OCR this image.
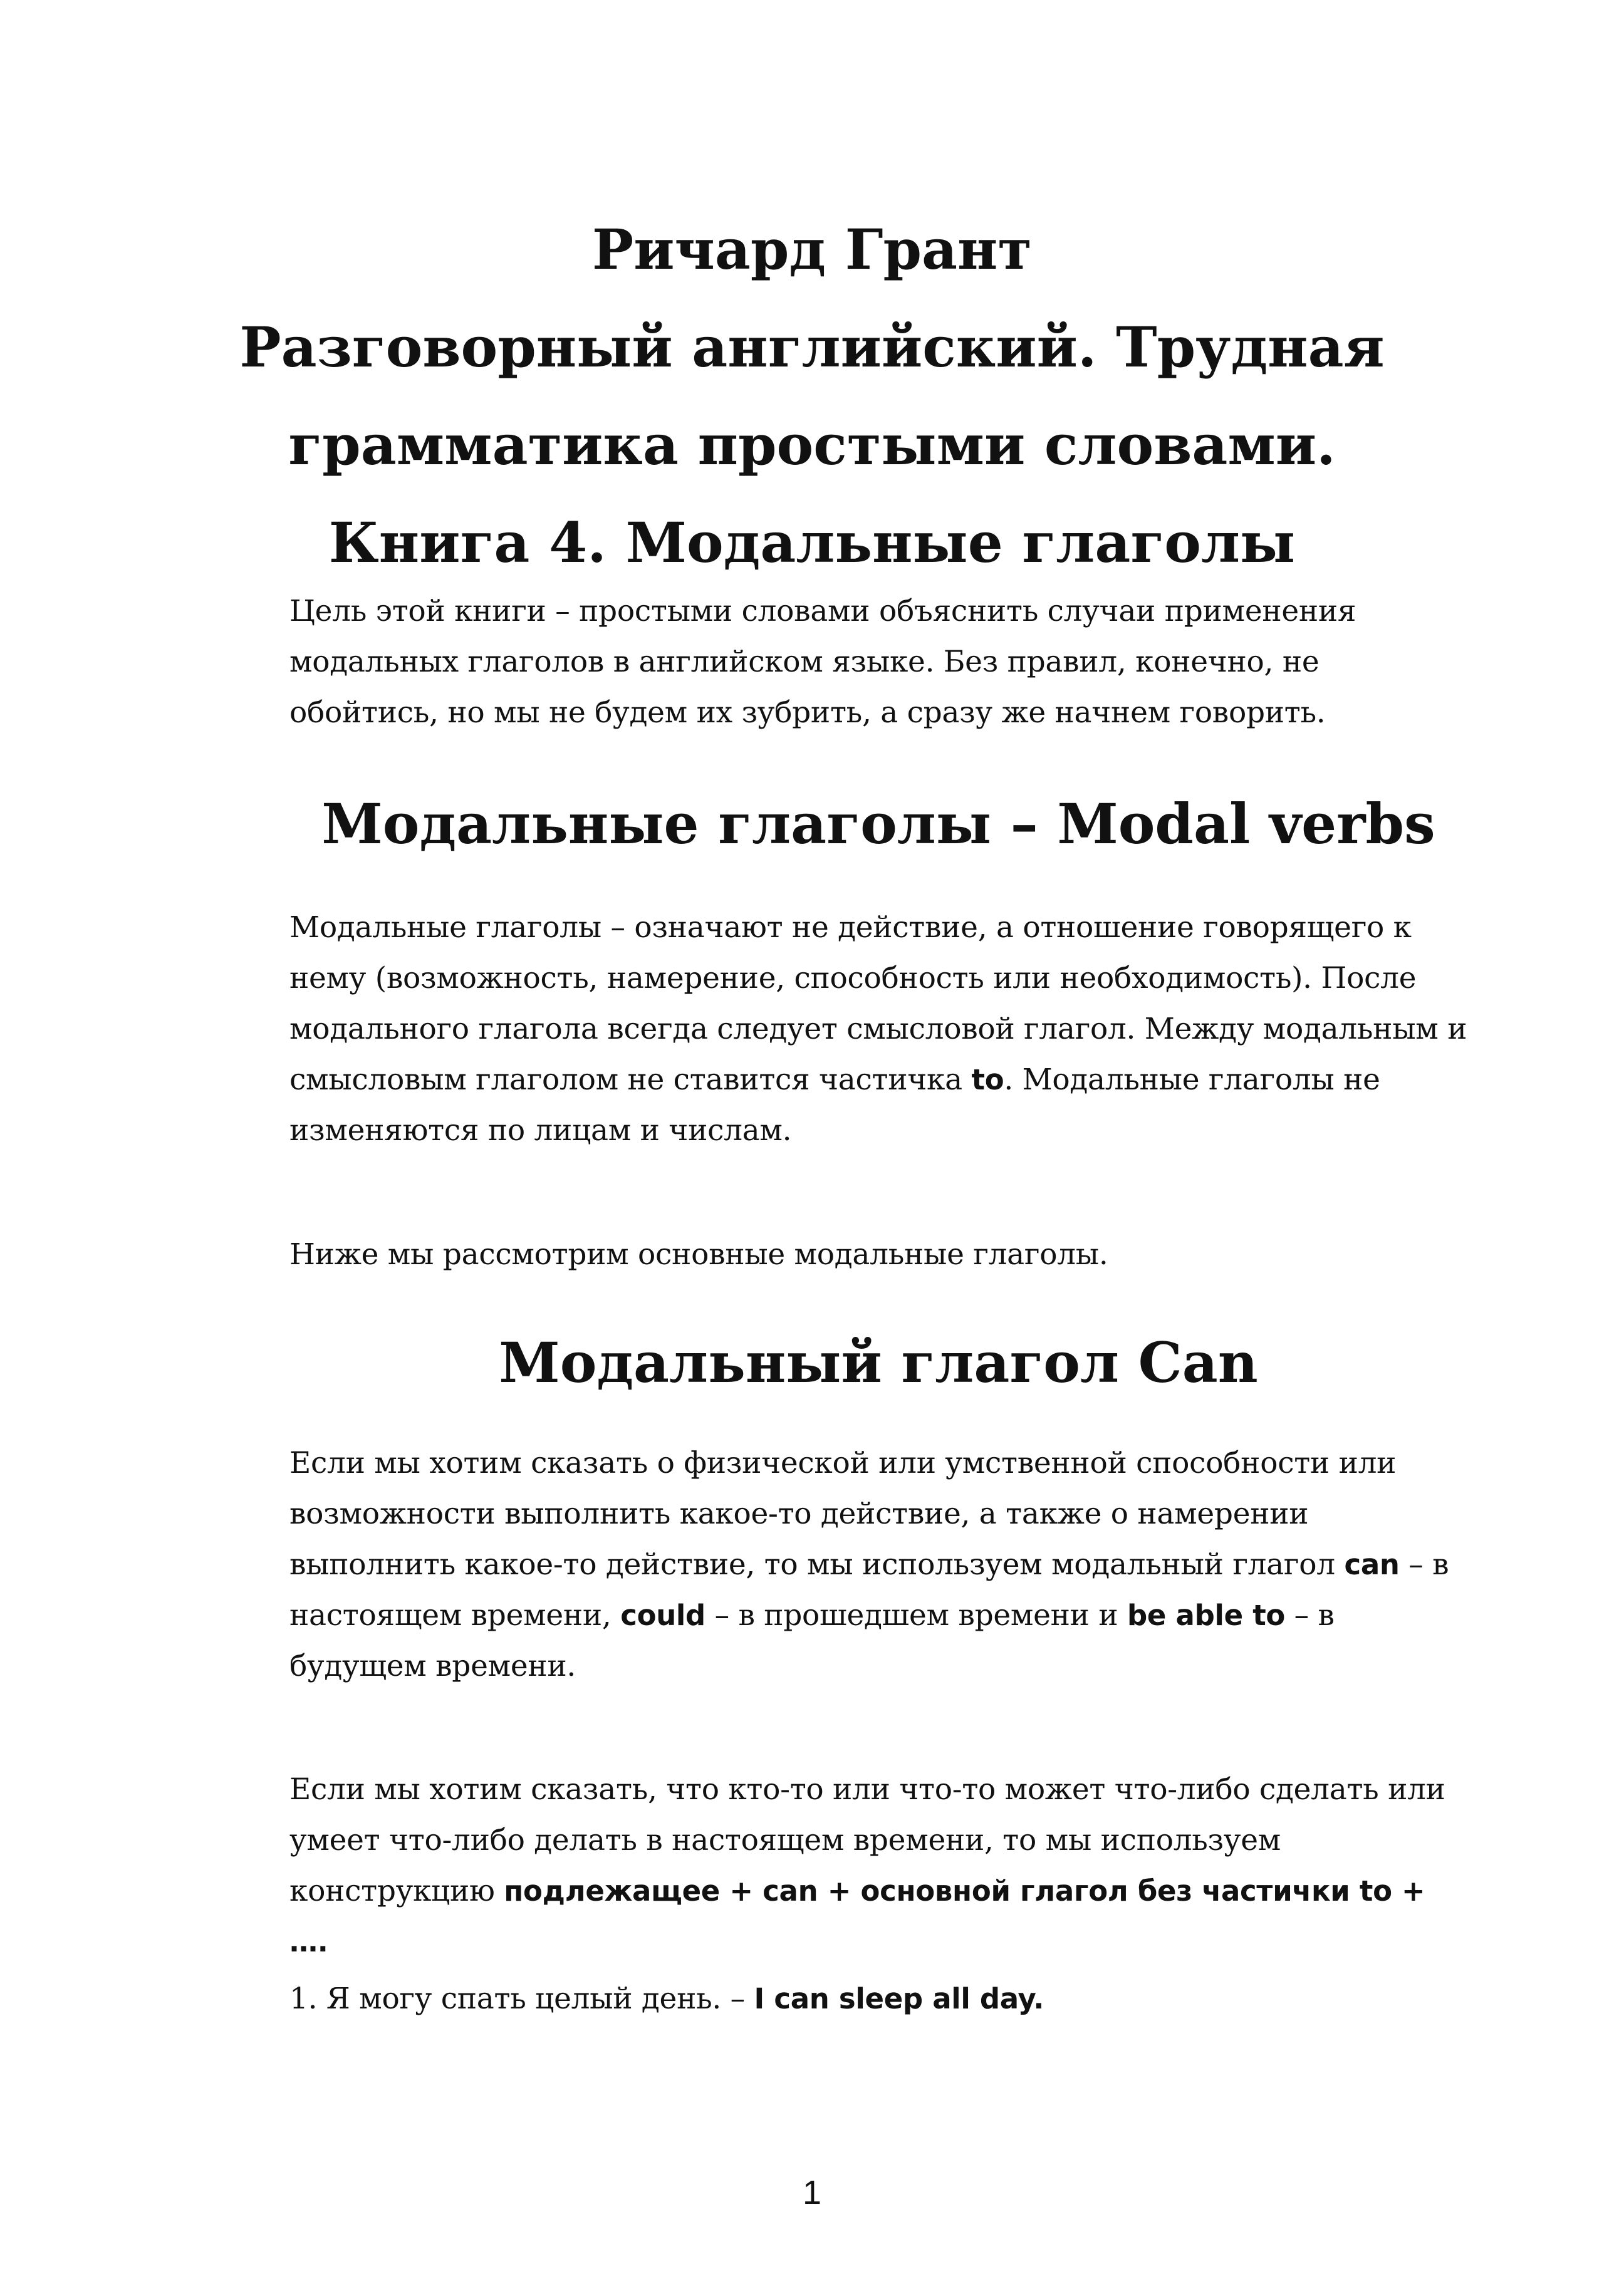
Ричард Грант
Разговорный английский. Трудная
грамматика простыми словами.
Книга 4. Модальные глаголы
Цель этой книги – простыми словами объяснить случаи применения модальных глаголов в английском языке. Без правил, конечно, не обойтись, но мы не будем их зубрить, а сразу же начнем говорить.
Модальные глаголы – Modal verbs
Модальные глаголы – означают не действие, а отношение говорящего к нему (возможность, намерение, способность или необходимость). После модального глагола всегда следует смысловой глагол. Между модальным и смысловым глаголом не ставится частичка to. Модальные глаголы не изменяются по лицам и числам.
Ниже мы рассмотрим основные модальные глаголы.
Модальный глагол Can
Если мы хотим сказать о физической или умственной способности или возможности выполнить какое-то действие, а также о намерении выполнить какое-то действие, то мы используем модальный глагол can – в настоящем времени, could – в прошедшем времени и be able to – в будущем времени.
Если мы хотим сказать, что кто-то или что-то может что-либо сделать или умеет что-либо делать в настоящем времени, то мы используем конструкцию подлежащее + can + основной глагол без частички to + ….
1. Я могу спать целый день. – I can sleep all day.
1
